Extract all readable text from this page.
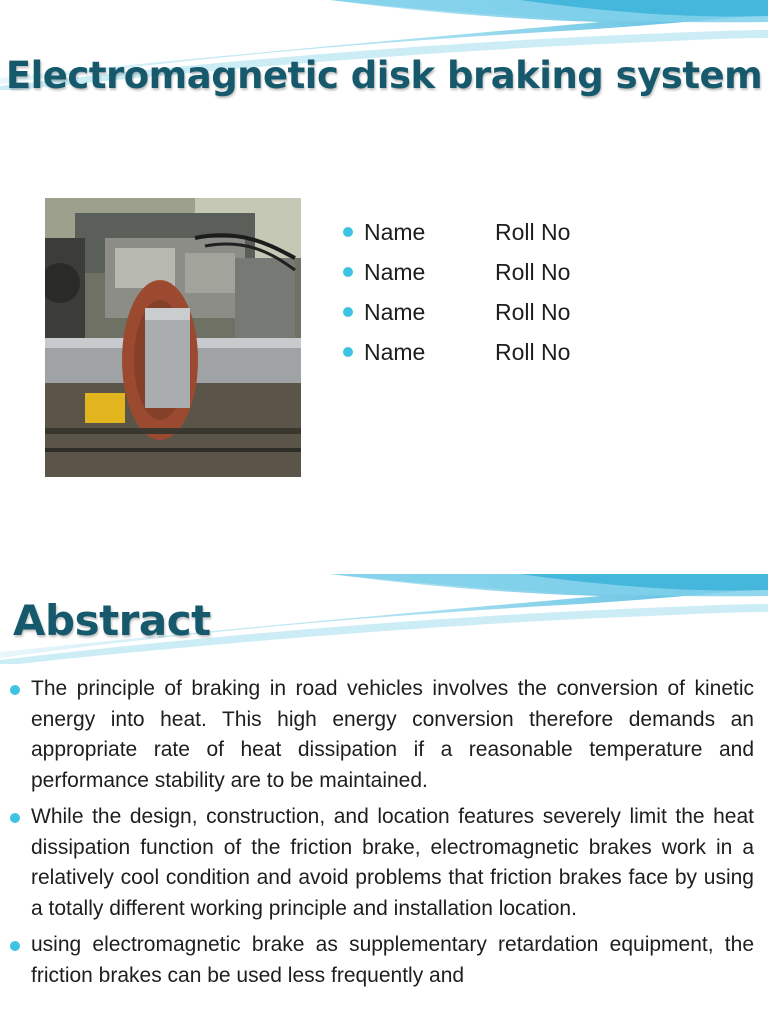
Electromagnetic disk braking system
Name	Roll No
Name	Roll No
Name	Roll No
Name	Roll No
Abstract
The principle of braking in road vehicles involves the conversion of kinetic energy into heat. This high energy conversion therefore demands an appropriate rate of heat dissipation if a reasonable temperature and performance stability are to be maintained.
While the design, construction, and location features severely limit the heat dissipation function of the friction brake, electromagnetic brakes work in a relatively cool condition and avoid problems that friction brakes face by using a totally different working principle and installation location.
using electromagnetic brake as supplementary retardation equipment, the friction brakes can be used less frequently and
